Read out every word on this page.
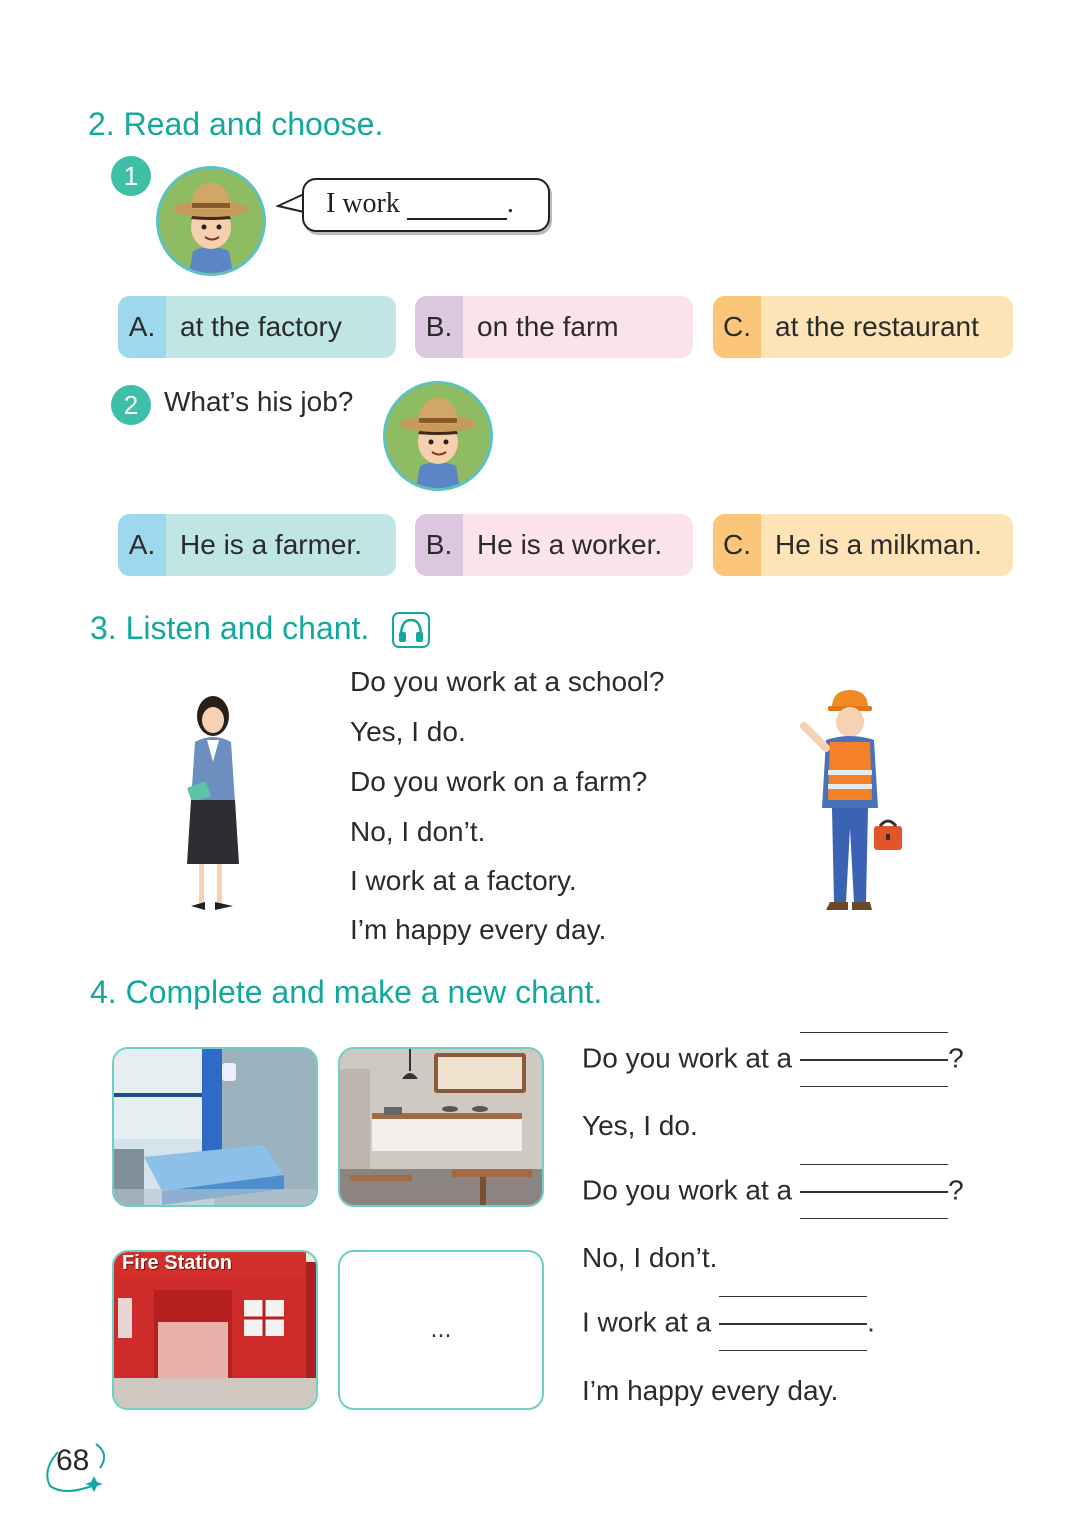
2. Read and choose.
1
I work	.
A. at the factory	B. on the farm	C. at the restaurant
2 What’s his job?
A. He is a farmer.	B. He is a worker.	C. He is a milkman.
3. Listen and chant.
Do you work at a school?
Yes, I do.
Do you work on a farm?
No, I don’t.
I work at a factory.
I’m happy every day.
4. Complete and make a new chant.
Fire Station
...
Do you work at a	?
Yes, I do.
Do you work at a	?
No, I don’t.
I work at a	.
I’m happy every day.
68
